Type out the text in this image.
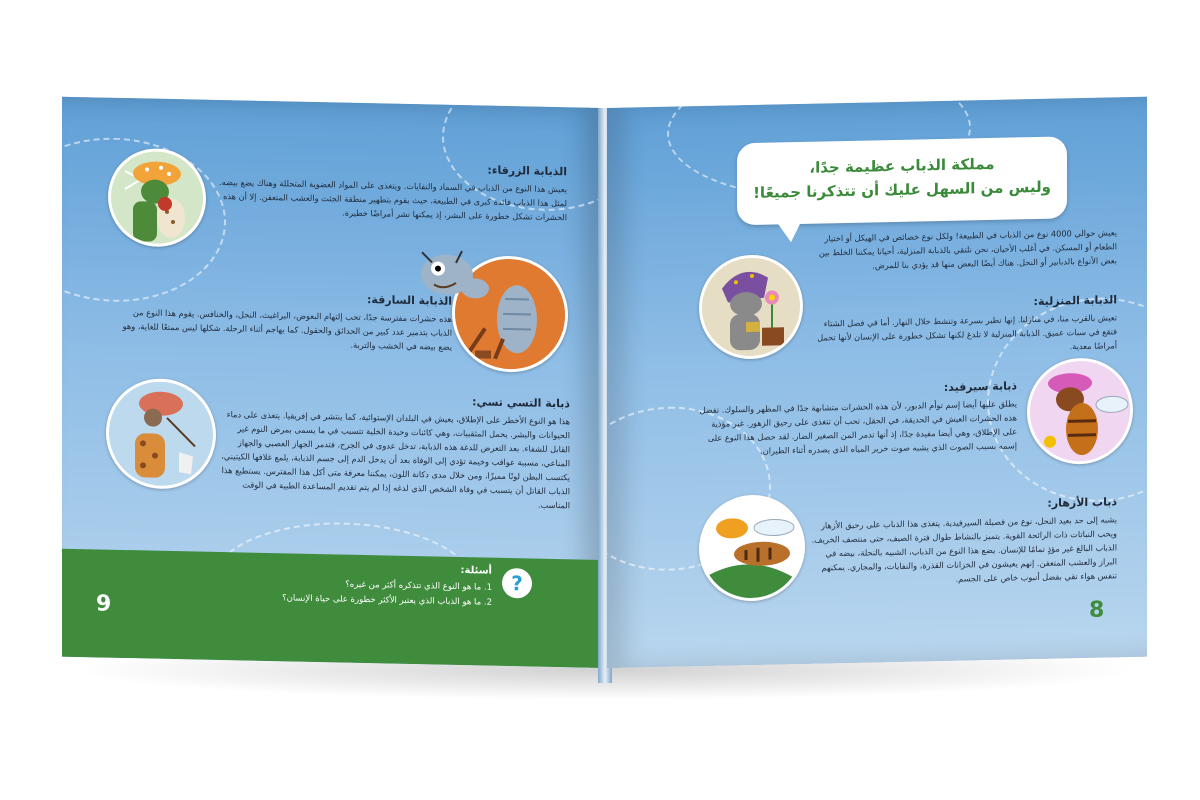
الذبابة الزرقاء:

يعيش هذا النوع من الذباب في السماد والنفايات. ويتغذى على المواد العضوية المتحللة وهناك يضع بيضه. لمثل هذا الذباب فائدة كبرى في الطبيعة، حيث يقوم بتطهير منطقة الجثث والعشب المتعفن. إلا أن هذه الحشرات تشكل خطورة على البشر، إذ يمكنها نشر أمراضًا خطيرة.

الذبابة السارقة:

هذه حشرات مفترسة جدًا، تحب إلتهام البعوض، البراغيث، النحل، والخنافس. يقوم هذا النوع من الذباب بتدمير عدد كبير من الحدائق والحقول. كما يهاجم أثناء الرحلة. شكلها ليس ممتعًا للغاية، وهو يضع بيضه في الخشب والتربة.

ذبابة التسي تسي:

هذا هو النوع الأخطر على الإطلاق، يعيش في البلدان الإستوائية، كما ينتشر في إفريقيا. يتغذى على دماء الحيوانات والبشر. يحمل المثقبيات، وهي كائنات وحيدة الخلية تتسبب في ما يسمى بمرض النوم غير القابل للشفاء. بعد التعرض للدغة هذه الذبابة، تدخل عدوى في الجرح، فتدمر الجهاز العصبي والجهاز المناعي، مسببة عواقب وخيمة تؤدي إلى الوفاة بعد أن يدخل الدم إلى جسم الذبابة، يلمع غلافها الكيتيني، يكتسب البطن لونًا مميزًا، ومن خلال مدى دكانة اللون، يمكننا معرفة متى أكل هذا المفترس. يستطيع هذا الذباب القاتل أن يتسبب في وفاة الشخص الذي لدغه إذا لم يتم تقديم المساعدة الطبية في الوقت المناسب.

?
أسئلة:
1. ما هو النوع الذي تتذكره أكثر من غيره؟
2. ما هو الذباب الذي يعتبر الأكثر خطورة على حياة الإنسان؟
9
مملكة الذباب عظيمة جدًا،
وليس من السهل عليك أن تتذكرنا جميعًا!

يعيش حوالي 4000 نوع من الذباب في الطبيعة! ولكل نوع خصائص في الهيكل أو اختيار الطعام أو المسكن. في أغلب الأحيان، نحن نلتقي بالذبابة المنزلية، أحيانا يمكننا الخلط بين بعض الأنواع بالدبابير أو النحل. هناك أيضًا البعض منها قد يؤدي بنا للمرض.

الذبابة المنزلية:

تعيش بالقرب منا، في منازلنا. إنها تطير بسرعة وتنشط خلال النهار. أما في فصل الشتاء فتقع في سبات عميق. الذبابة المنزلية لا تلدغ لكنها تشكل خطورة على الإنسان لأنها تحمل أمراضًا معدية.

ذبابة سيرفيد:

يطلق عليها أيضا إسم توأم الدبور، لأن هذه الحشرات متشابهة جدًا في المظهر والسلوك. تفضل هذه الحشرات العيش في الحديقة، في الحقل، تحب أن تتغذى على رحيق الزهور. غير مؤذية على الإطلاق، وهي أيضا مفيدة جدًا، إذ أنها تدمر المن الصغير الضار. لقد حصل هذا النوع على إسمه بسبب الصوت الذي يشبه صوت خرير المياه الذي يصدره أثناء الطيران.

ذباب الأزهار:

يشبه إلى حد بعيد النحل، نوع من فصيلة السيرفيدية. يتغذى هذا الذباب على رحيق الأزهار ويحب النباتات ذات الرائحة القوية. يتميز بالنشاط طوال فترة الصيف، حتى منتصف الخريف. الذباب البالغ غير مؤذٍ تمامًا للإنسان. يضع هذا النوع من الذباب، الشبيه بالنحلة، بيضه في البراز والعشب المتعفن. إنهم يعيشون في الخزانات القذرة، والنفايات، والمجاري. يمكنهم تنفس هواء نقي بفضل أنبوب خاص على الجسم.

8
